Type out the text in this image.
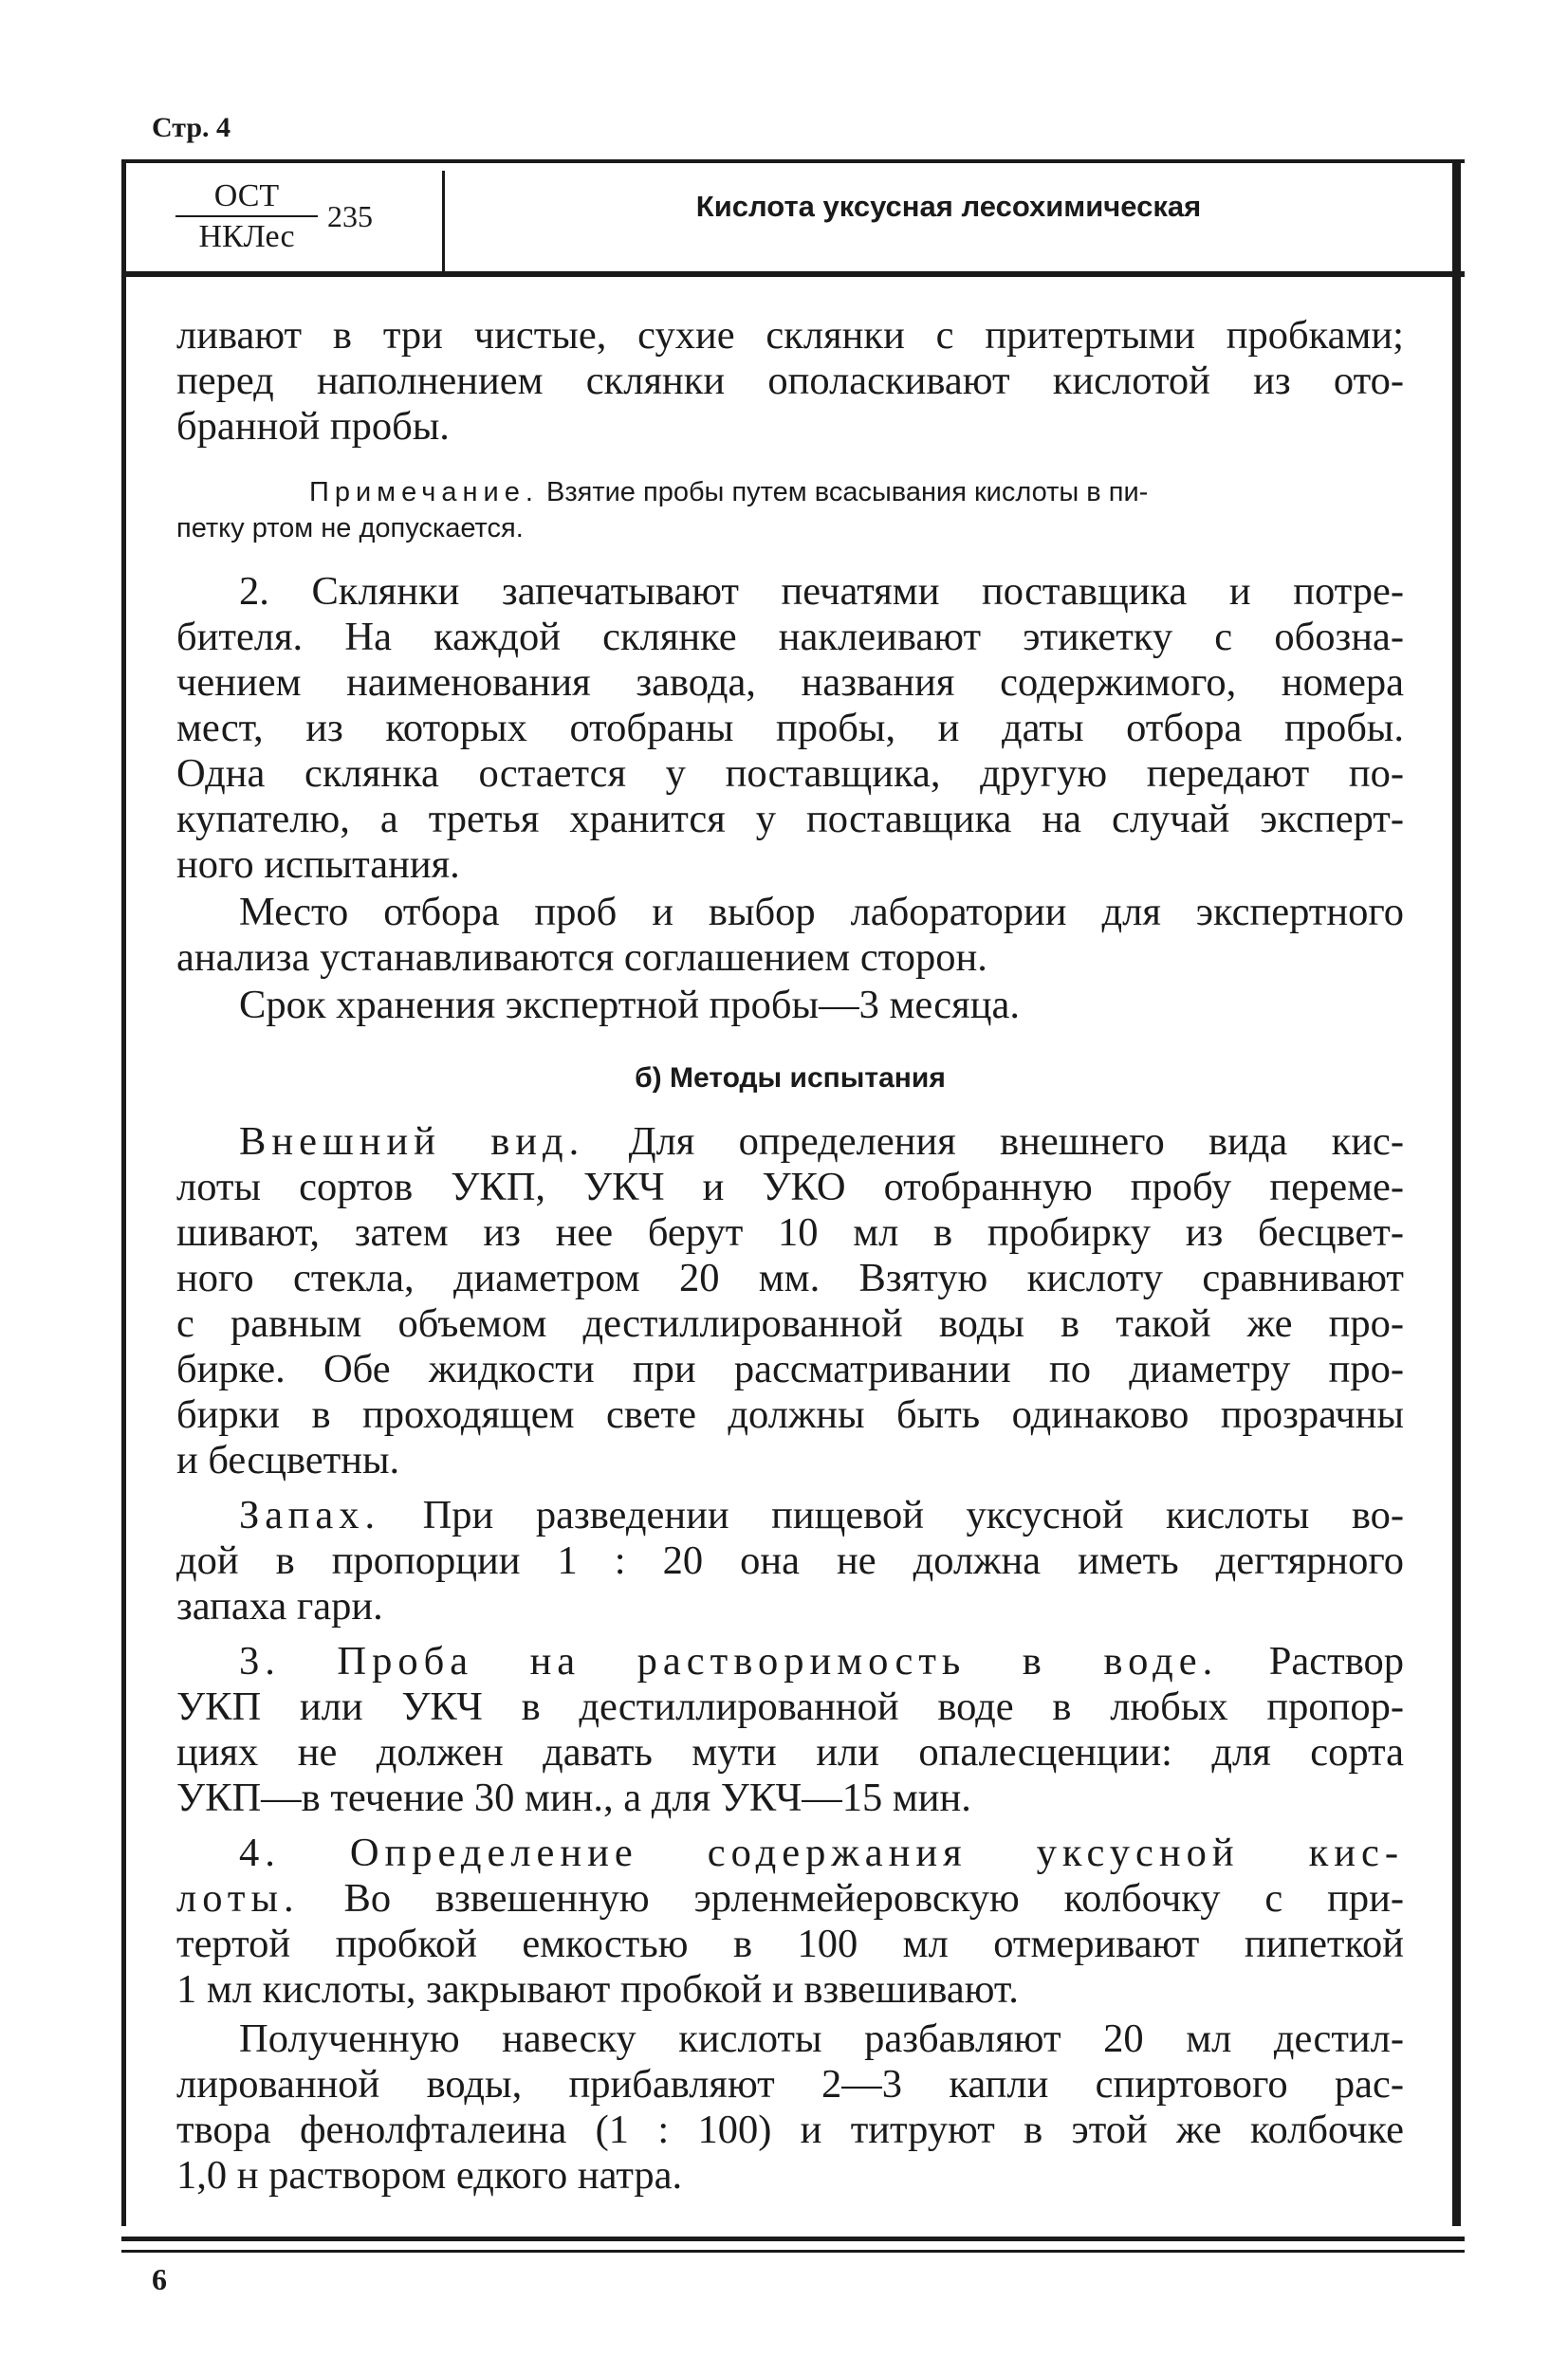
Стр. 4
ОСТ
НКЛес
235	Кислота уксусная лесохимическая
ливают в три чистые, сухие склянки с притертыми пробками;
перед наполнением склянки ополаскивают кислотой из ото-
бранной пробы.
Примечание. Взятие пробы путем всасывания кислоты в пи-
петку ртом не допускается.
2. Склянки запечатывают печатями поставщика и потре-
бителя. На каждой склянке наклеивают этикетку с обозна-
чением наименования завода, названия содержимого, номера
мест, из которых отобраны пробы, и даты отбора пробы.
Одна склянка остается у поставщика, другую передают по-
купателю, а третья хранится у поставщика на случай эксперт-
ного испытания.
Место отбора проб и выбор лаборатории для экспертного
анализа устанавливаются соглашением сторон.
Срок хранения экспертной пробы—3 месяца.
б) Методы испытания
Внешний вид. Для определения внешнего вида кис-
лоты сортов УКП, УКЧ и УКО отобранную пробу переме-
шивают, затем из нее берут 10 мл в пробирку из бесцвет-
ного стекла, диаметром 20 мм. Взятую кислоту сравнивают
с равным объемом дестиллированной воды в такой же про-
бирке. Обе жидкости при рассматривании по диаметру про-
бирки в проходящем свете должны быть одинаково прозрачны
и бесцветны.
Запах. При разведении пищевой уксусной кислоты во-
дой в пропорции 1 : 20 она не должна иметь дегтярного
запаха гари.
3. Проба на растворимость в воде. Раствор
УКП или УКЧ в дестиллированной воде в любых пропор-
циях не должен давать мути или опалесценции: для сорта
УКП—в течение 30 мин., а для УКЧ—15 мин.
4. Определение содержания уксусной кис-
лоты. Во взвешенную эрленмейеровскую колбочку с при-
тертой пробкой емкостью в 100 мл отмеривают пипеткой
1 мл кислоты, закрывают пробкой и взвешивают.
Полученную навеску кислоты разбавляют 20 мл дестил-
лированной воды, прибавляют 2—3 капли спиртового рас-
твора фенолфталеина (1 : 100) и титруют в этой же колбочке
1,0 н раствором едкого натра.
6
